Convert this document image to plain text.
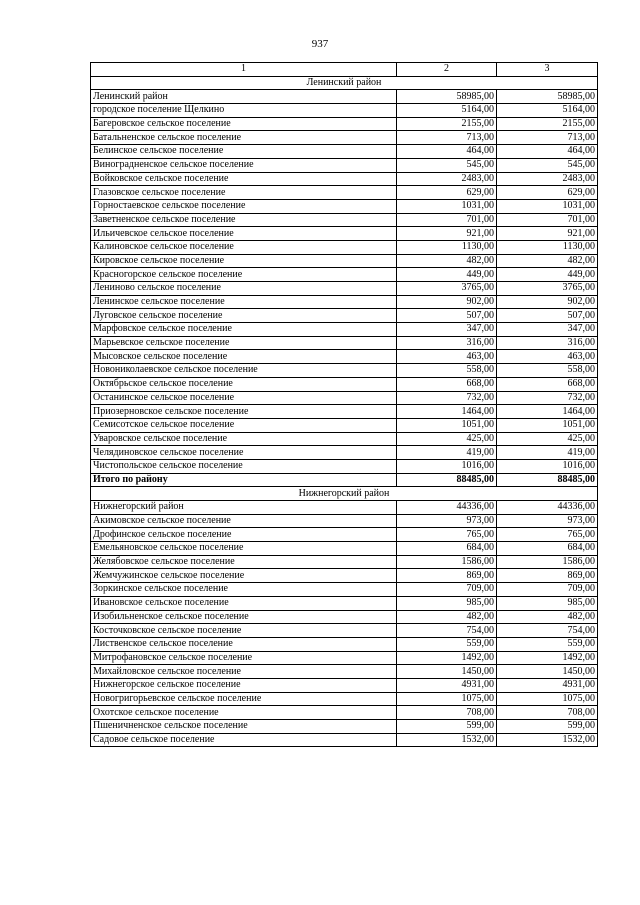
937
1	2	3
Ленинский район		
Ленинский район	58985,00	58985,00
городское поселение Щелкино	5164,00	5164,00
Багеровское сельское поселение	2155,00	2155,00
Батальненское сельское поселение	713,00	713,00
Белинское сельское поселение	464,00	464,00
Виноградненское сельское поселение	545,00	545,00
Войковское сельское поселение	2483,00	2483,00
Глазовское сельское поселение	629,00	629,00
Горностаевское сельское поселение	1031,00	1031,00
Заветненское сельское поселение	701,00	701,00
Ильичевское сельское поселение	921,00	921,00
Калиновское сельское поселение	1130,00	1130,00
Кировское сельское поселение	482,00	482,00
Красногорское сельское поселение	449,00	449,00
Лениново сельское поселение	3765,00	3765,00
Ленинское сельское поселение	902,00	902,00
Луговское сельское поселение	507,00	507,00
Марфовское сельское поселение	347,00	347,00
Марьевское сельское поселение	316,00	316,00
Мысовское сельское поселение	463,00	463,00
Новониколаевское сельское поселение	558,00	558,00
Октябрьское сельское поселение	668,00	668,00
Останинское сельское поселение	732,00	732,00
Приозерновское сельское поселение	1464,00	1464,00
Семисотское сельское поселение	1051,00	1051,00
Уваровское сельское поселение	425,00	425,00
Челядиновское сельское поселение	419,00	419,00
Чистопольское сельское поселение	1016,00	1016,00
Итого по району	88485,00	88485,00
Нижнегорский район		
Нижнегорский район	44336,00	44336,00
Акимовское сельское поселение	973,00	973,00
Дрофинское сельское поселение	765,00	765,00
Емельяновское сельское поселение	684,00	684,00
Желябовское сельское поселение	1586,00	1586,00
Жемчужинское сельское поселение	869,00	869,00
Зоркинское сельское поселение	709,00	709,00
Ивановское сельское поселение	985,00	985,00
Изобильненское сельское поселение	482,00	482,00
Косточковское сельское поселение	754,00	754,00
Лиственское сельское поселение	559,00	559,00
Митрофановское сельское поселение	1492,00	1492,00
Михайловское сельское поселение	1450,00	1450,00
Нижнегорское сельское поселение	4931,00	4931,00
Новогригорьевское сельское поселение	1075,00	1075,00
Охотское сельское поселение	708,00	708,00
Пшеничненское сельское поселение	599,00	599,00
Садовое сельское поселение	1532,00	1532,00
